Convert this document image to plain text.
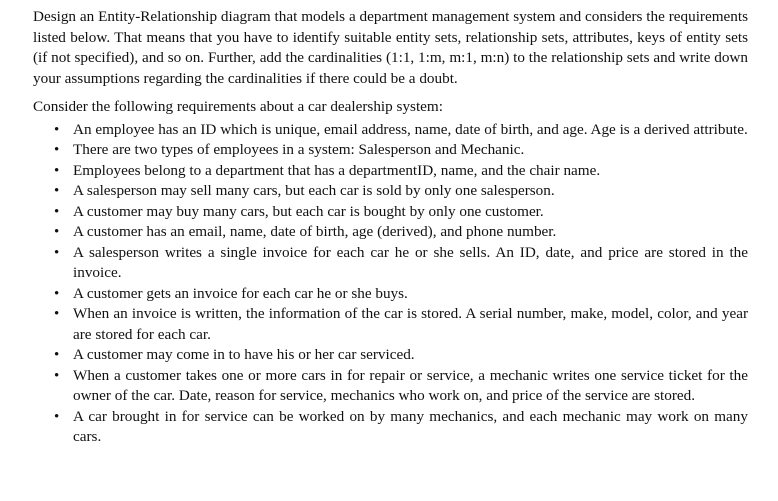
Design an Entity-Relationship diagram that models a department management system and considers the requirements listed below. That means that you have to identify suitable entity sets, relationship sets, attributes, keys of entity sets (if not specified), and so on. Further, add the cardinalities (1:1, 1:m, m:1, m:n) to the relationship sets and write down your assumptions regarding the cardinalities if there could be a doubt.

Consider the following requirements about a car dealership system:

• An employee has an ID which is unique, email address, name, date of birth, and age. Age is a derived attribute.
• There are two types of employees in a system: Salesperson and Mechanic.
• Employees belong to a department that has a departmentID, name, and the chair name.
• A salesperson may sell many cars, but each car is sold by only one salesperson.
• A customer may buy many cars, but each car is bought by only one customer.
• A customer has an email, name, date of birth, age (derived), and phone number.
• A salesperson writes a single invoice for each car he or she sells. An ID, date, and price are stored in the invoice.
• A customer gets an invoice for each car he or she buys.
• When an invoice is written, the information of the car is stored. A serial number, make, model, color, and year are stored for each car.
• A customer may come in to have his or her car serviced.
• When a customer takes one or more cars in for repair or service, a mechanic writes one service ticket for the owner of the car. Date, reason for service, mechanics who work on, and price of the service are stored.
• A car brought in for service can be worked on by many mechanics, and each mechanic may work on many cars.
